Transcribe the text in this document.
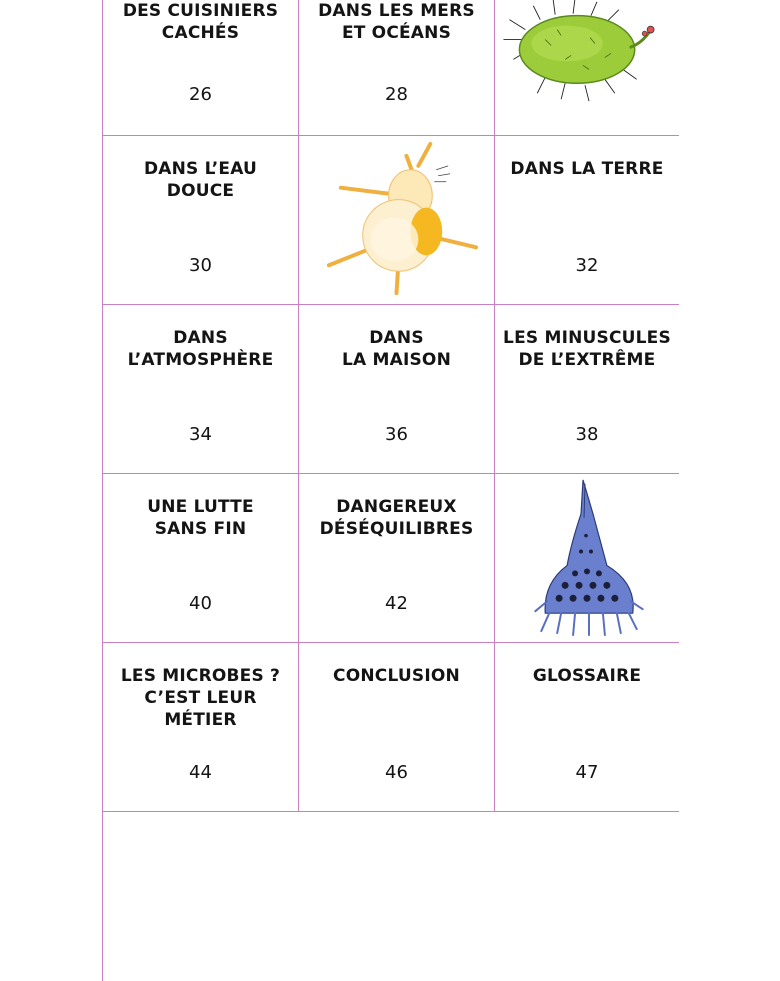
DES CUISINIERS
CACHÉS
26
DANS LES MERS
ET OCÉANS
28
DANS L’EAU
DOUCE
30
DANS LA TERRE
32
DANS
L’ATMOSPHÈRE
34
DANS
LA MAISON
36
LES MINUSCULES
DE L’EXTRÊME
38
UNE LUTTE
SANS FIN
40
DANGEREUX
DÉSÉQUILIBRES
42
LES MICROBES ?
C’EST LEUR
MÉTIER
44
CONCLUSION
46
GLOSSAIRE
47
